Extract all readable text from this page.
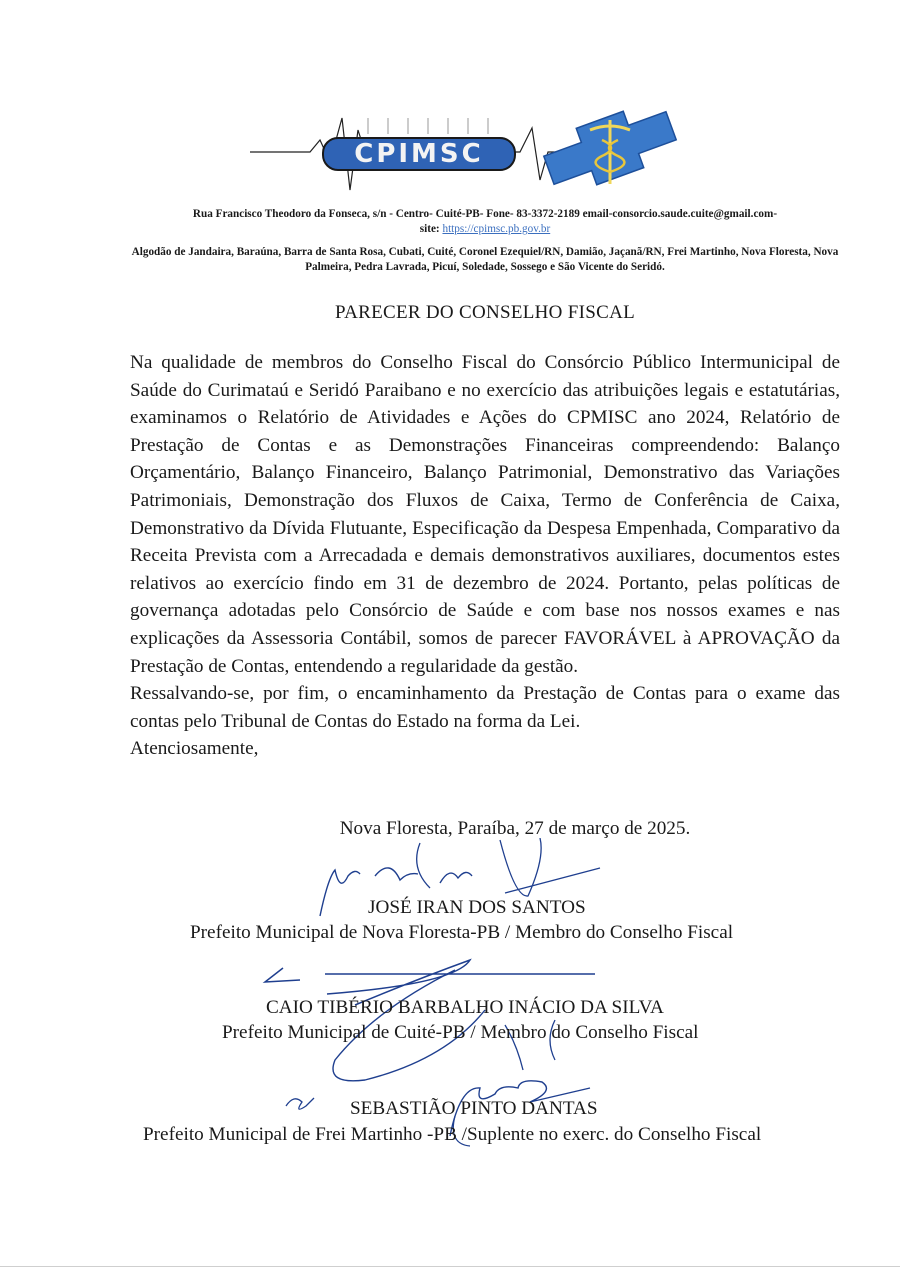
CPIMSC
Rua Francisco Theodoro da Fonseca, s/n - Centro- Cuité-PB- Fone- 83-3372-2189 email-consorcio.saude.cuite@gmail.com-
site: https://cpimsc.pb.gov.br
Algodão de Jandaira, Baraúna, Barra de Santa Rosa, Cubati, Cuité, Coronel Ezequiel/RN, Damião, Jaçanã/RN, Frei Martinho, Nova Floresta, Nova Palmeira, Pedra Lavrada, Picuí, Soledade, Sossego e São Vicente do Seridó.
PARECER DO CONSELHO FISCAL

Na qualidade de membros do Conselho Fiscal do Consórcio Público Intermunicipal de Saúde do Curimataú e Seridó Paraibano e no exercício das atribuições legais e estatutárias, examinamos o Relatório de Atividades e Ações do CPMISC ano 2024, Relatório de Prestação de Contas e as Demonstrações Financeiras compreendendo: Balanço Orçamentário, Balanço Financeiro, Balanço Patrimonial, Demonstrativo das Variações Patrimoniais, Demonstração dos Fluxos de Caixa, Termo de Conferência de Caixa, Demonstrativo da Dívida Flutuante, Especificação da Despesa Empenhada, Comparativo da Receita Prevista com a Arrecadada e demais demonstrativos auxiliares, documentos estes relativos ao exercício findo em 31 de dezembro de 2024. Portanto, pelas políticas de governança adotadas pelo Consórcio de Saúde e com base nos nossos exames e nas explicações da Assessoria Contábil, somos de parecer FAVORÁVEL à APROVAÇÃO da Prestação de Contas, entendendo a regularidade da gestão.

Ressalvando-se, por fim, o encaminhamento da Prestação de Contas para o exame das contas pelo Tribunal de Contas do Estado na forma da Lei.

Atenciosamente,

Nova Floresta, Paraíba, 27 de março de 2025.
JOSÉ IRAN DOS SANTOS
Prefeito Municipal de Nova Floresta-PB / Membro do Conselho Fiscal
CAIO TIBÉRIO BARBALHO INÁCIO DA SILVA
Prefeito Municipal de Cuité-PB / Membro do Conselho Fiscal
SEBASTIÃO PINTO DANTAS
Prefeito Municipal de Frei Martinho -PB /Suplente no exerc. do Conselho Fiscal
